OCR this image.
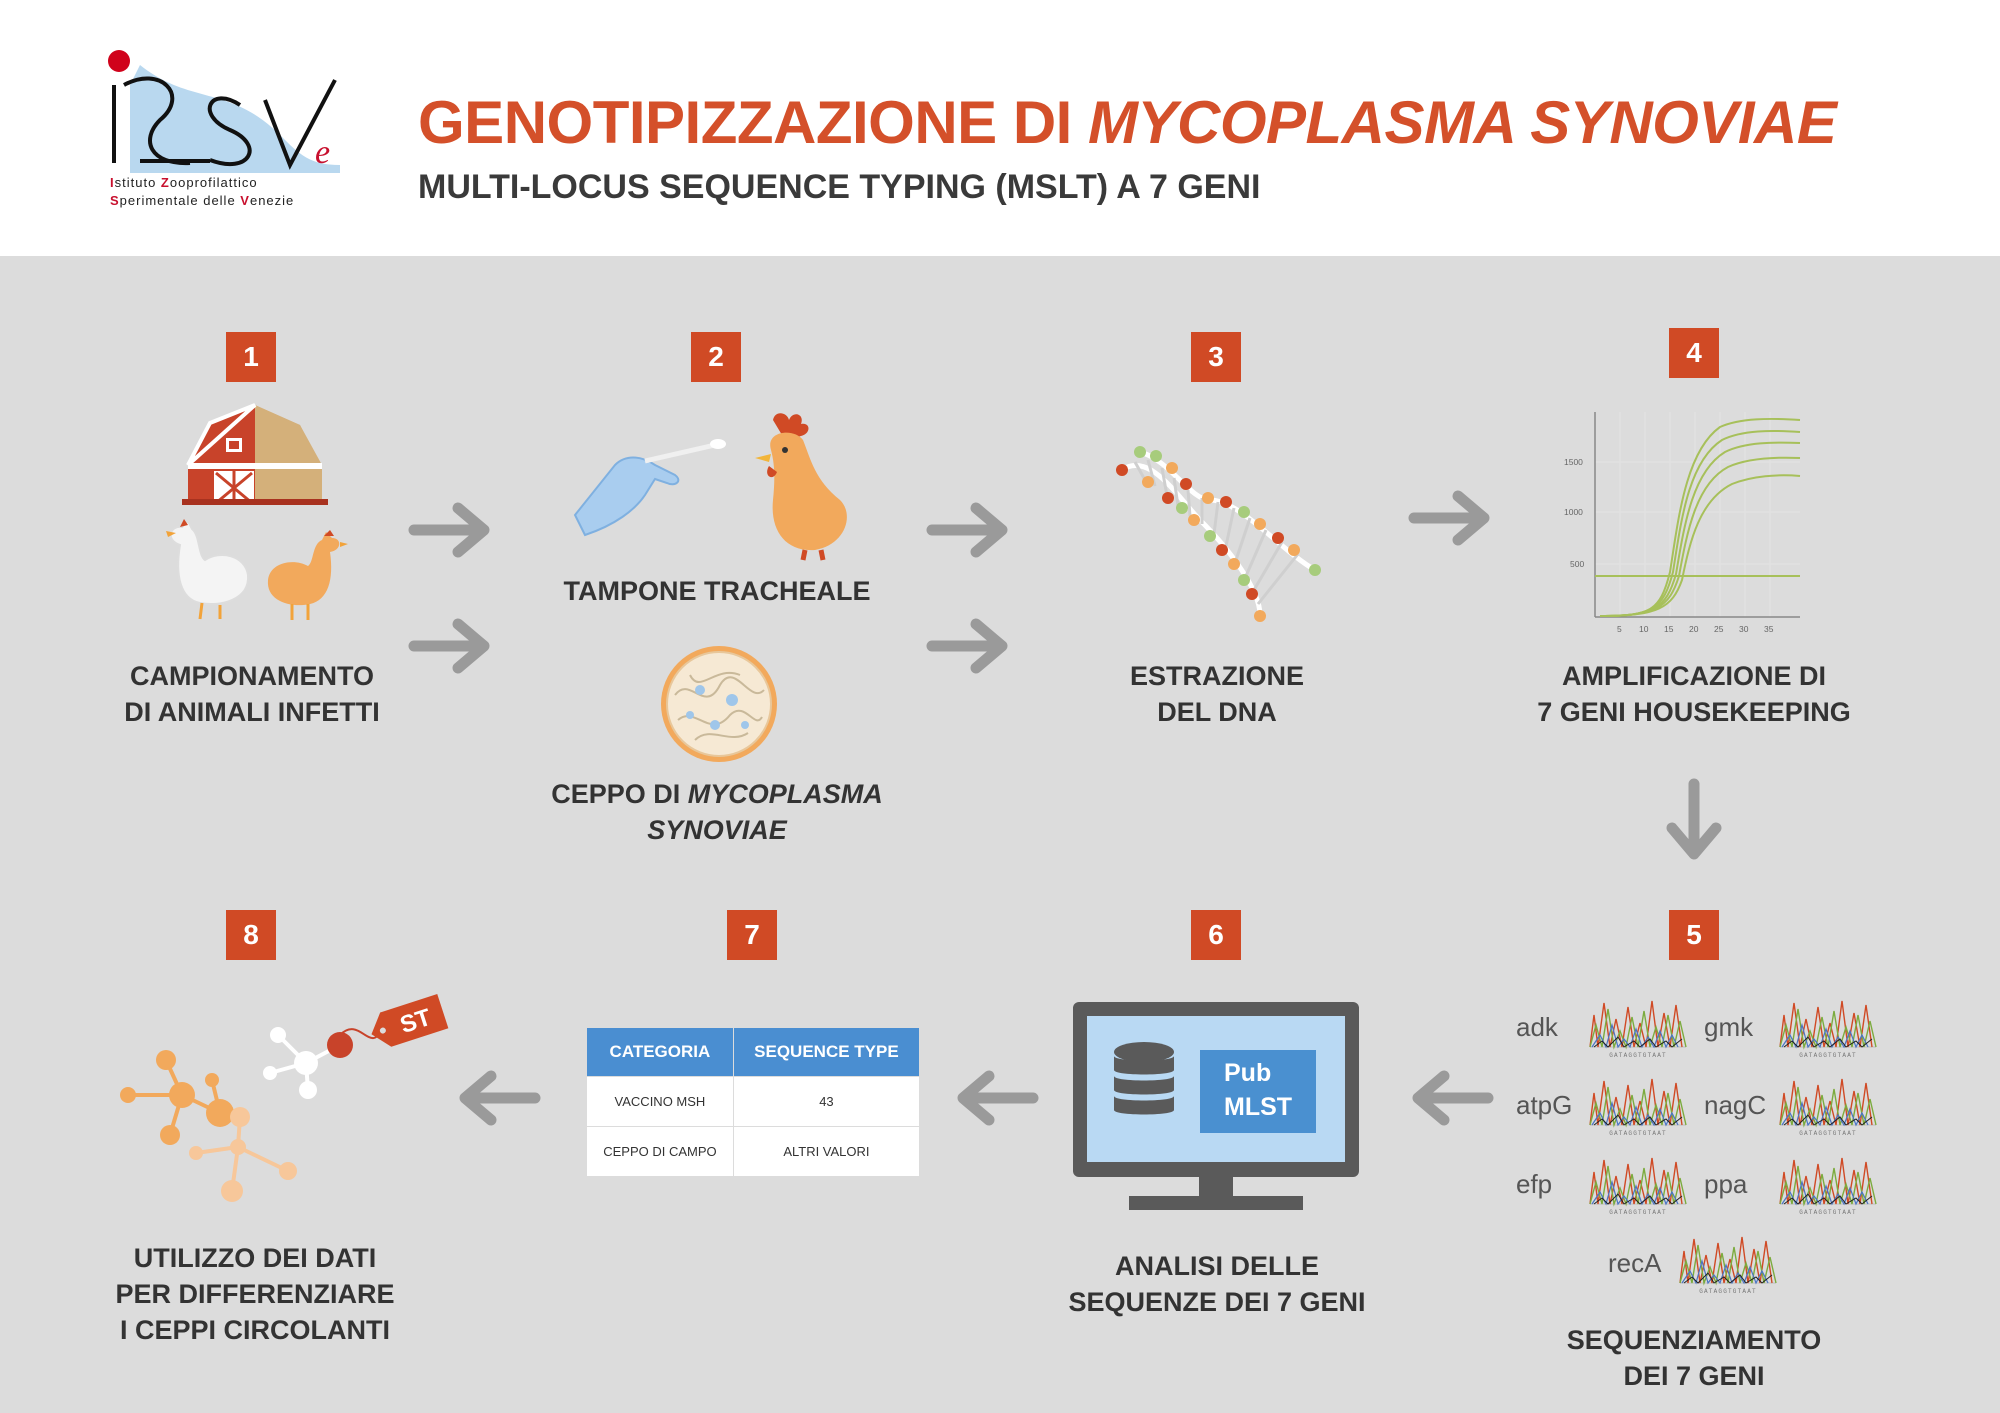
e
Istituto Zooprofilattico
Sperimentale delle Venezie
GENOTIPIZZAZIONE DI MYCOPLASMA SYNOVIAE
MULTI-LOCUS SEQUENCE TYPING (MSLT) A 7 GENI
1	2	3	4
5
6
7
8
CAMPIONAMENTO
DI ANIMALI INFETTI
TAMPONE TRACHEALE
CEPPO DI MYCOPLASMA
SYNOVIAE
ESTRAZIONE
DEL DNA
1500
1000
500
5 10 15 20 25 30 35
AMPLIFICAZIONE DI
7 GENI HOUSEKEEPING
adk	gmk
atpG	nagC
efp	ppa
recA
SEQUENZIAMENTO
DEI 7 GENI
Pub
MLST
ANALISI DELLE
SEQUENZE DEI 7 GENI
CATEGORIA	SEQUENCE TYPE
VACCINO MSH	43
CEPPO DI CAMPO	ALTRI VALORI
ST
UTILIZZO DEI DATI
PER DIFFERENZIARE
I CEPPI CIRCOLANTI
